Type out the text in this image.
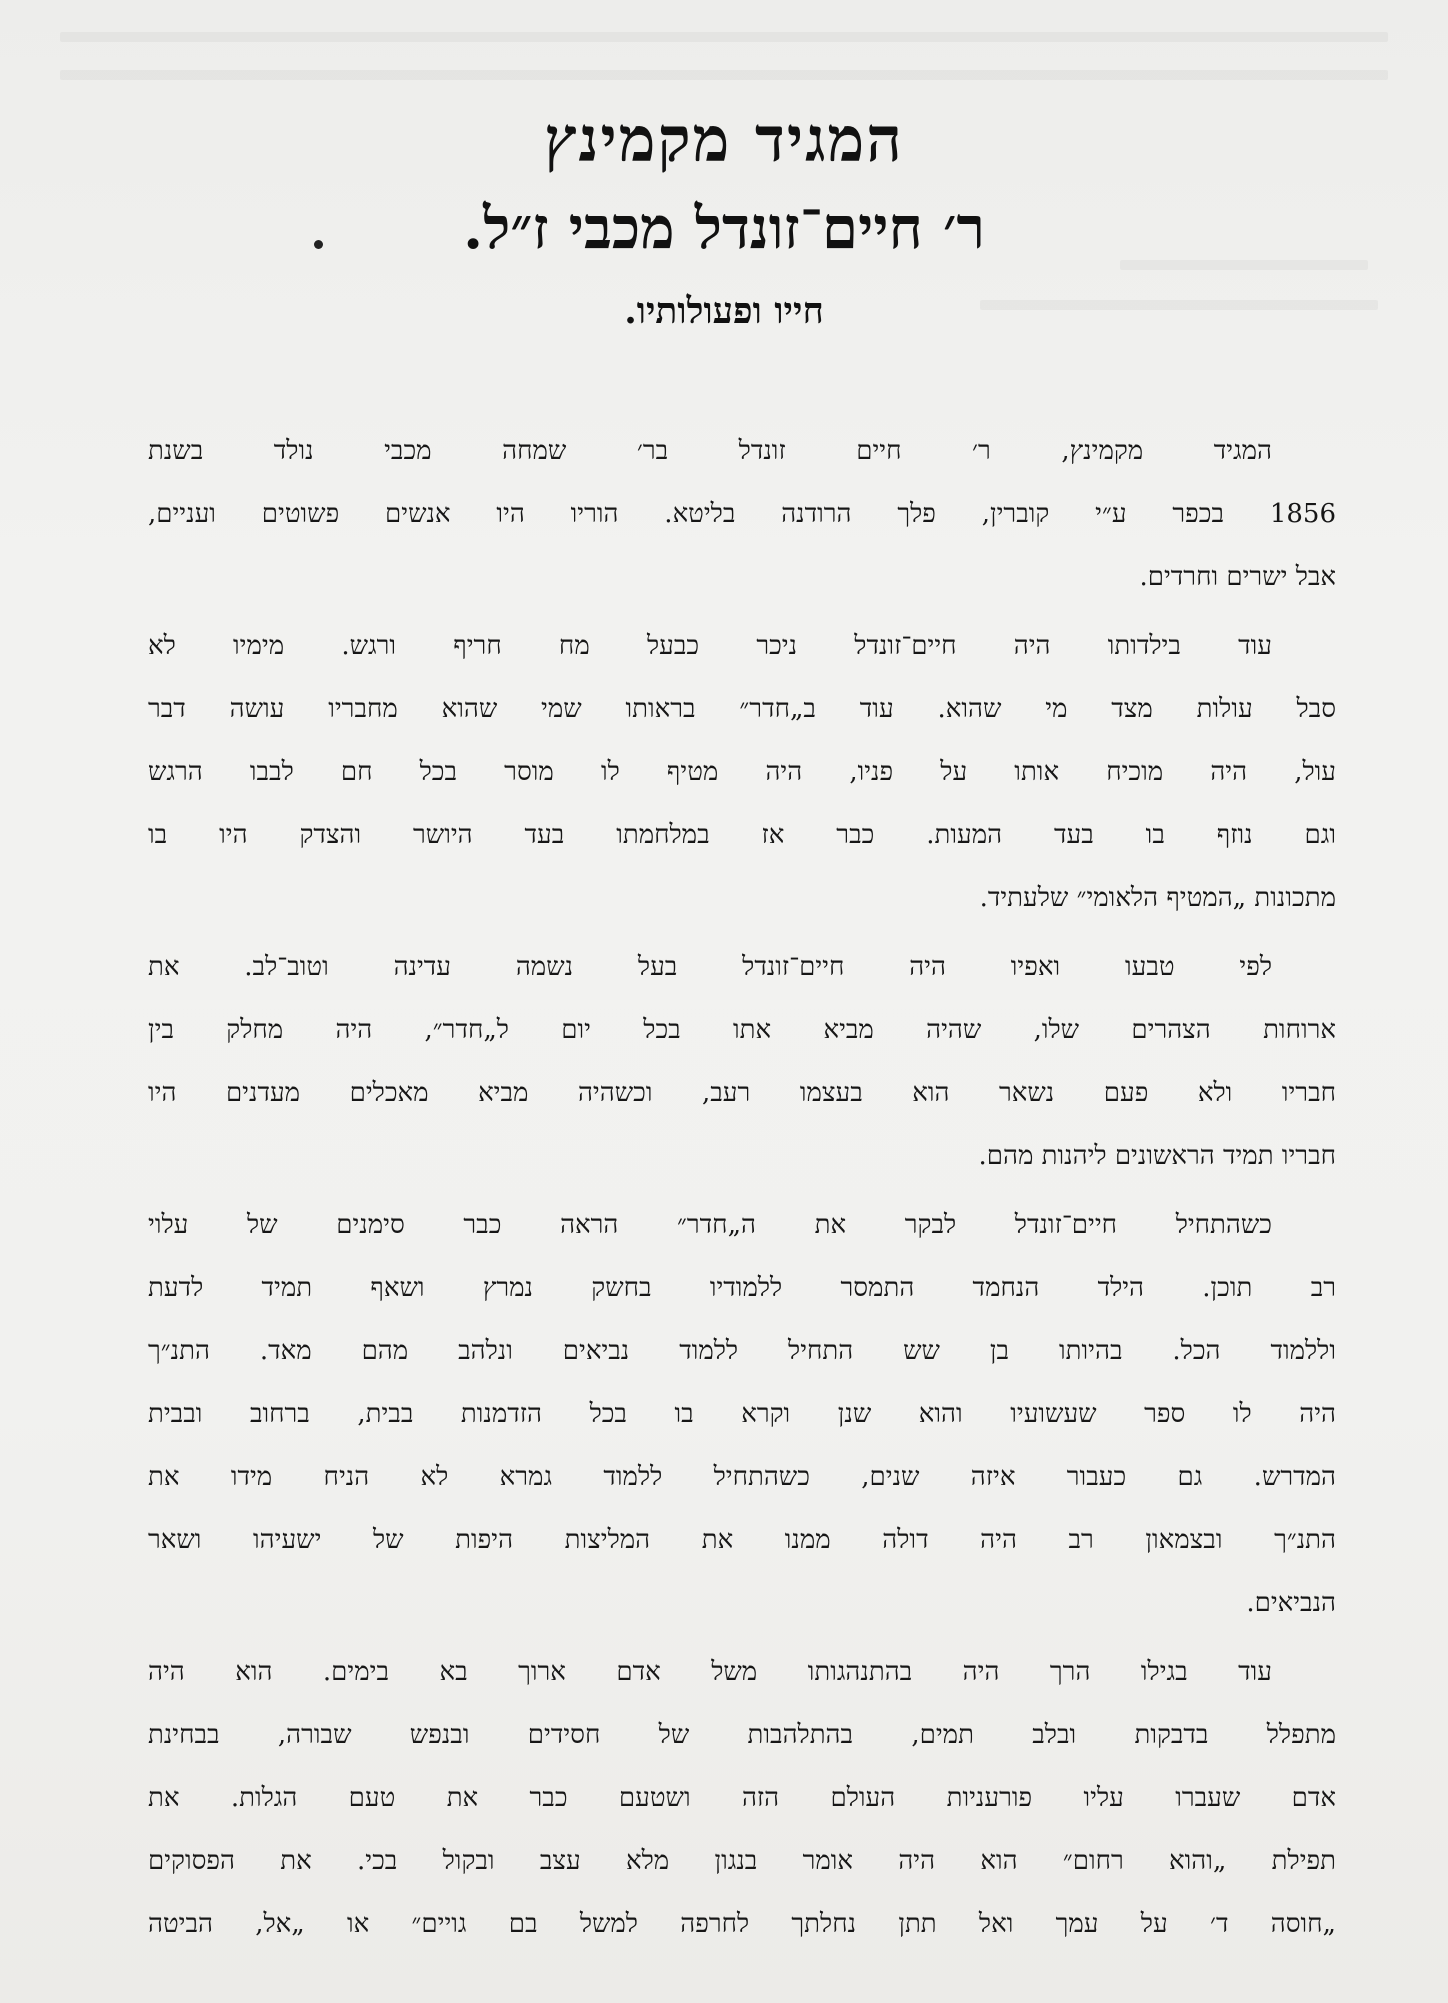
המגיד מקמינץ
ר׳ חיים־זונדל מכבי ז״ל.
חייו ופעולותיו.
המגיד מקמינץ, ר׳ חיים זונדל בר׳ שמחה מכבי נולד בשנת
1856 בכפר ע״י קוברין, פלך הרודנה בליטא. הוריו היו אנשים פשוטים ועניים,
אבל ישרים וחרדים.
עוד בילדותו היה חיים־זונדל ניכר כבעל מח חריף ורגש. מימיו לא
סבל עולות מצד מי שהוא. עוד ב„חדר״ בראותו שמי שהוא מחבריו עושה דבר
עול, היה מוכיח אותו על פניו, היה מטיף לו מוסר בכל חם לבבו הרגש
וגם נוזף בו בעד המעות. כבר אז במלחמתו בעד היושר והצדק היו בו
מתכונות „המטיף הלאומי״ שלעתיד.
לפי טבעו ואפיו היה חיים־זונדל בעל נשמה עדינה וטוב־לב. את
ארוחות הצהרים שלו, שהיה מביא אתו בכל יום ל„חדר״, היה מחלק בין
חבריו ולא פעם נשאר הוא בעצמו רעב, וכשהיה מביא מאכלים מעדנים היו
חבריו תמיד הראשונים ליהנות מהם.
כשהתחיל חיים־זונדל לבקר את ה„חדר״ הראה כבר סימנים של עלוי
רב תוכן. הילד הנחמד התמסר ללמודיו בחשק נמרץ ושאף תמיד לדעת
וללמוד הכל. בהיותו בן שש התחיל ללמוד נביאים ונלהב מהם מאד. התנ״ך
היה לו ספר שעשועיו והוא שנן וקרא בו בכל הזדמנות בבית, ברחוב ובבית
המדרש. גם כעבור איזה שנים, כשהתחיל ללמוד גמרא לא הניח מידו את
התנ״ך ובצמאון רב היה דולה ממנו את המליצות היפות של ישעיהו ושאר
הנביאים.
עוד בגילו הרך היה בהתנהגותו משל אדם ארוך בא בימים. הוא היה
מתפלל בדבקות ובלב תמים, בהתלהבות של חסידים ובנפש שבורה, בבחינת
אדם שעברו עליו פורעניות העולם הזה ושטעם כבר את טעם הגלות. את
תפילת „והוא רחום״ הוא היה אומר בנגון מלא עצב ובקול בכי. את הפסוקים
„חוסה ד׳ על עמך ואל תתן נחלתך לחרפה למשל בם גויים״ או „אל, הביטה
